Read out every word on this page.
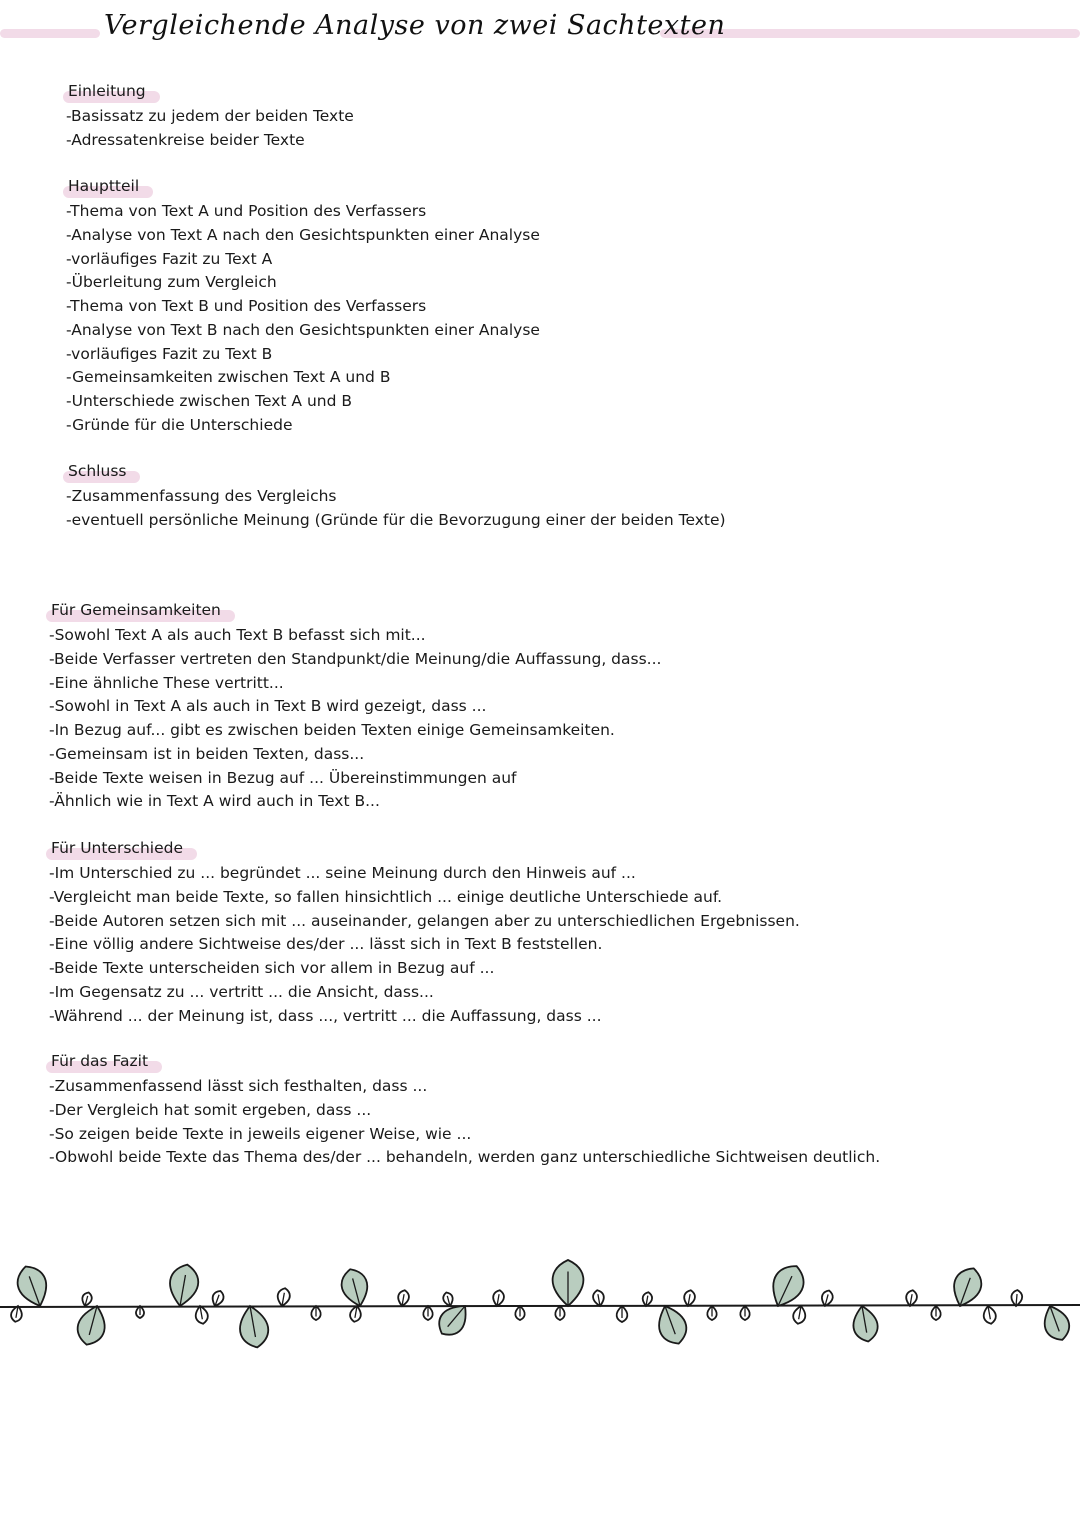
Vergleichende Analyse von zwei Sachtexten
Einleitung
-Basissatz zu jedem der beiden Texte
-Adressatenkreise beider Texte
Hauptteil
-Thema von Text A und Position des Verfassers
-Analyse von Text A nach den Gesichtspunkten einer Analyse
-vorläufiges Fazit zu Text A
-Überleitung zum Vergleich
-Thema von Text B und Position des Verfassers
-Analyse von Text B nach den Gesichtspunkten einer Analyse
-vorläufiges Fazit zu Text B
-Gemeinsamkeiten zwischen Text A und B
-Unterschiede zwischen Text A und B
-Gründe für die Unterschiede
Schluss
-Zusammenfassung des Vergleichs
-eventuell persönliche Meinung (Gründe für die Bevorzugung einer der beiden Texte)
Für Gemeinsamkeiten
-Sowohl Text A als auch Text B befasst sich mit...
-Beide Verfasser vertreten den Standpunkt/die Meinung/die Auffassung, dass...
-Eine ähnliche These vertritt...
-Sowohl in Text A als auch in Text B wird gezeigt, dass ...
-In Bezug auf... gibt es zwischen beiden Texten einige Gemeinsamkeiten.
-Gemeinsam ist in beiden Texten, dass...
-Beide Texte weisen in Bezug auf ... Übereinstimmungen auf
-Ähnlich wie in Text A wird auch in Text B...
Für Unterschiede
-Im Unterschied zu ... begründet ... seine Meinung durch den Hinweis auf ...
-Vergleicht man beide Texte, so fallen hinsichtlich ... einige deutliche Unterschiede auf.
-Beide Autoren setzen sich mit ... auseinander, gelangen aber zu unterschiedlichen Ergebnissen.
-Eine völlig andere Sichtweise des/der ... lässt sich in Text B feststellen.
-Beide Texte unterscheiden sich vor allem in Bezug auf ...
-Im Gegensatz zu ... vertritt ... die Ansicht, dass...
-Während ... der Meinung ist, dass ..., vertritt ... die Auffassung, dass ...
Für das Fazit
-Zusammenfassend lässt sich festhalten, dass ...
-Der Vergleich hat somit ergeben, dass ...
-So zeigen beide Texte in jeweils eigener Weise, wie ...
-Obwohl beide Texte das Thema des/der ... behandeln, werden ganz unterschiedliche Sichtweisen deutlich.
